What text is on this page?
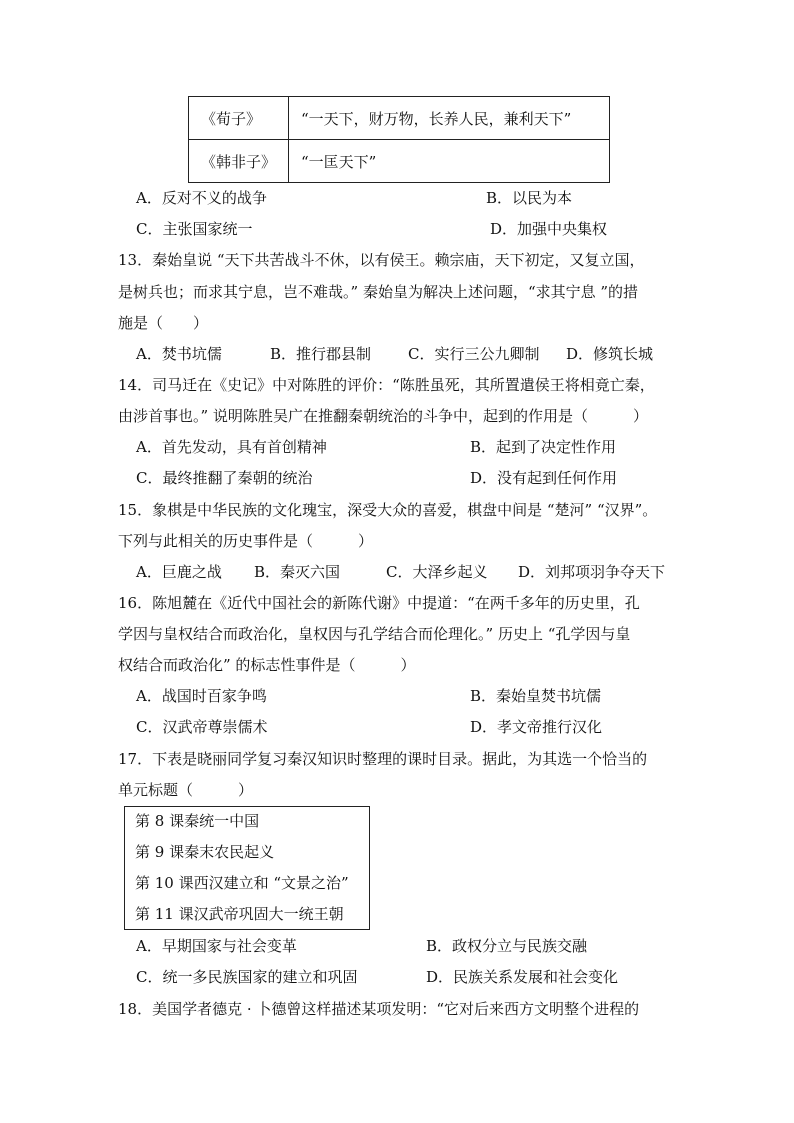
《荀子》	“一天下，财万物，长养人民，兼利天下”
《韩非子》	“一匡天下”
A．反对不义的战争	B．以民为本
C．主张国家统一	D．加强中央集权
13．秦始皇说 “天下共苦战斗不休，以有侯王。赖宗庙，天下初定，又复立国，
是树兵也；而求其宁息，岂不难哉。” 秦始皇为解决上述问题，“求其宁息 ”的措
施是（　　）
A．焚书坑儒	B．推行郡县制 C．实行三公九卿制 D．修筑长城
14．司马迁在《史记》中对陈胜的评价：“陈胜虽死，其所置遣侯王将相竟亡秦，
由涉首事也。” 说明陈胜吴广在推翻秦朝统治的斗争中，起到的作用是（　　　）
A．首先发动，具有首创精神	B．起到了决定性作用
C．最终推翻了秦朝的统治	D．没有起到任何作用
15．象棋是中华民族的文化瑰宝，深受大众的喜爱，棋盘中间是 “楚河” “汉界”。
下列与此相关的历史事件是（　　　）
A．巨鹿之战 B．秦灭六国	C．大泽乡起义 D．刘邦项羽争夺天下
16．陈旭麓在《近代中国社会的新陈代谢》中提道：“在两千多年的历史里，孔
学因与皇权结合而政治化，皇权因与孔学结合而伦理化。” 历史上 “孔学因与皇
权结合而政治化” 的标志性事件是（　　　）
A．战国时百家争鸣	B．秦始皇焚书坑儒
C．汉武帝尊崇儒术	D．孝文帝推行汉化
17．下表是晓丽同学复习秦汉知识时整理的课时目录。据此，为其选一个恰当的
单元标题（　　　）
第 8 课秦统一中国
第 9 课秦末农民起义
第 10 课西汉建立和 “文景之治”
第 11 课汉武帝巩固大一统王朝
A．早期国家与社会变革	B．政权分立与民族交融
C．统一多民族国家的建立和巩固	D．民族关系发展和社会变化
18．美国学者德克 · 卜德曾这样描述某项发明：“它对后来西方文明整个进程的
